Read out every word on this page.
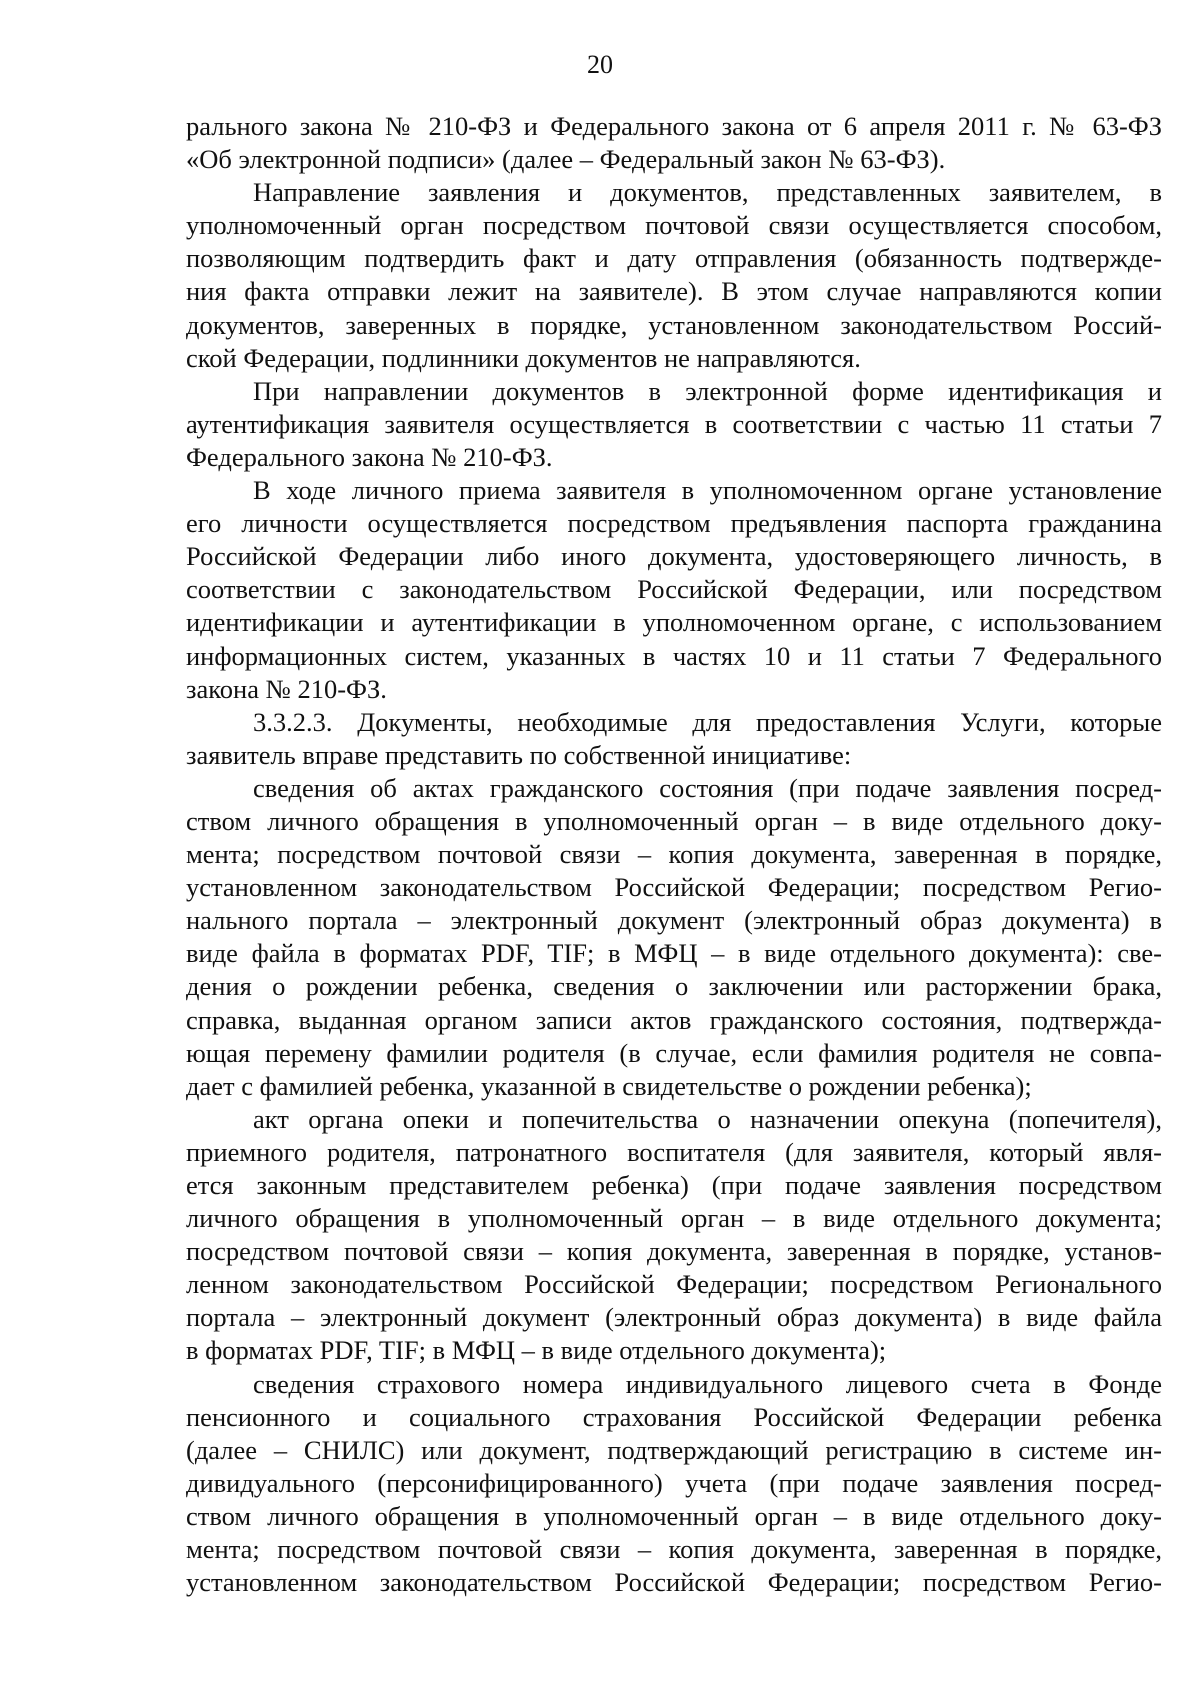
20
рального закона № 210-ФЗ и Федерального закона от 6 апреля 2011 г. № 63-ФЗ
«Об электронной подписи» (далее – Федеральный закон № 63-ФЗ).
Направление заявления и документов, представленных заявителем, в
уполномоченный орган посредством почтовой связи осуществляется способом,
позволяющим подтвердить факт и дату отправления (обязанность подтвержде-
ния факта отправки лежит на заявителе). В этом случае направляются копии
документов, заверенных в порядке, установленном законодательством Россий-
ской Федерации, подлинники документов не направляются.
При направлении документов в электронной форме идентификация и
аутентификация заявителя осуществляется в соответствии с частью 11 статьи 7
Федерального закона № 210-ФЗ.
В ходе личного приема заявителя в уполномоченном органе установление
его личности осуществляется посредством предъявления паспорта гражданина
Российской Федерации либо иного документа, удостоверяющего личность, в
соответствии с законодательством Российской Федерации, или посредством
идентификации и аутентификации в уполномоченном органе, с использованием
информационных систем, указанных в частях 10 и 11 статьи 7 Федерального
закона № 210-ФЗ.
3.3.2.3. Документы, необходимые для предоставления Услуги, которые
заявитель вправе представить по собственной инициативе:
сведения об актах гражданского состояния (при подаче заявления посред-
ством личного обращения в уполномоченный орган – в виде отдельного доку-
мента; посредством почтовой связи – копия документа, заверенная в порядке,
установленном законодательством Российской Федерации; посредством Регио-
нального портала – электронный документ (электронный образ документа) в
виде файла в форматах PDF, TIF; в МФЦ – в виде отдельного документа): све-
дения о рождении ребенка, сведения о заключении или расторжении брака,
справка, выданная органом записи актов гражданского состояния, подтвержда-
ющая перемену фамилии родителя (в случае, если фамилия родителя не совпа-
дает с фамилией ребенка, указанной в свидетельстве о рождении ребенка);
акт органа опеки и попечительства о назначении опекуна (попечителя),
приемного родителя, патронатного воспитателя (для заявителя, который явля-
ется законным представителем ребенка) (при подаче заявления посредством
личного обращения в уполномоченный орган – в виде отдельного документа;
посредством почтовой связи – копия документа, заверенная в порядке, установ-
ленном законодательством Российской Федерации; посредством Регионального
портала – электронный документ (электронный образ документа) в виде файла
в форматах PDF, TIF; в МФЦ – в виде отдельного документа);
сведения страхового номера индивидуального лицевого счета в Фонде
пенсионного и социального страхования Российской Федерации ребенка
(далее – СНИЛС) или документ, подтверждающий регистрацию в системе ин-
дивидуального (персонифицированного) учета (при подаче заявления посред-
ством личного обращения в уполномоченный орган – в виде отдельного доку-
мента; посредством почтовой связи – копия документа, заверенная в порядке,
установленном законодательством Российской Федерации; посредством Регио-
